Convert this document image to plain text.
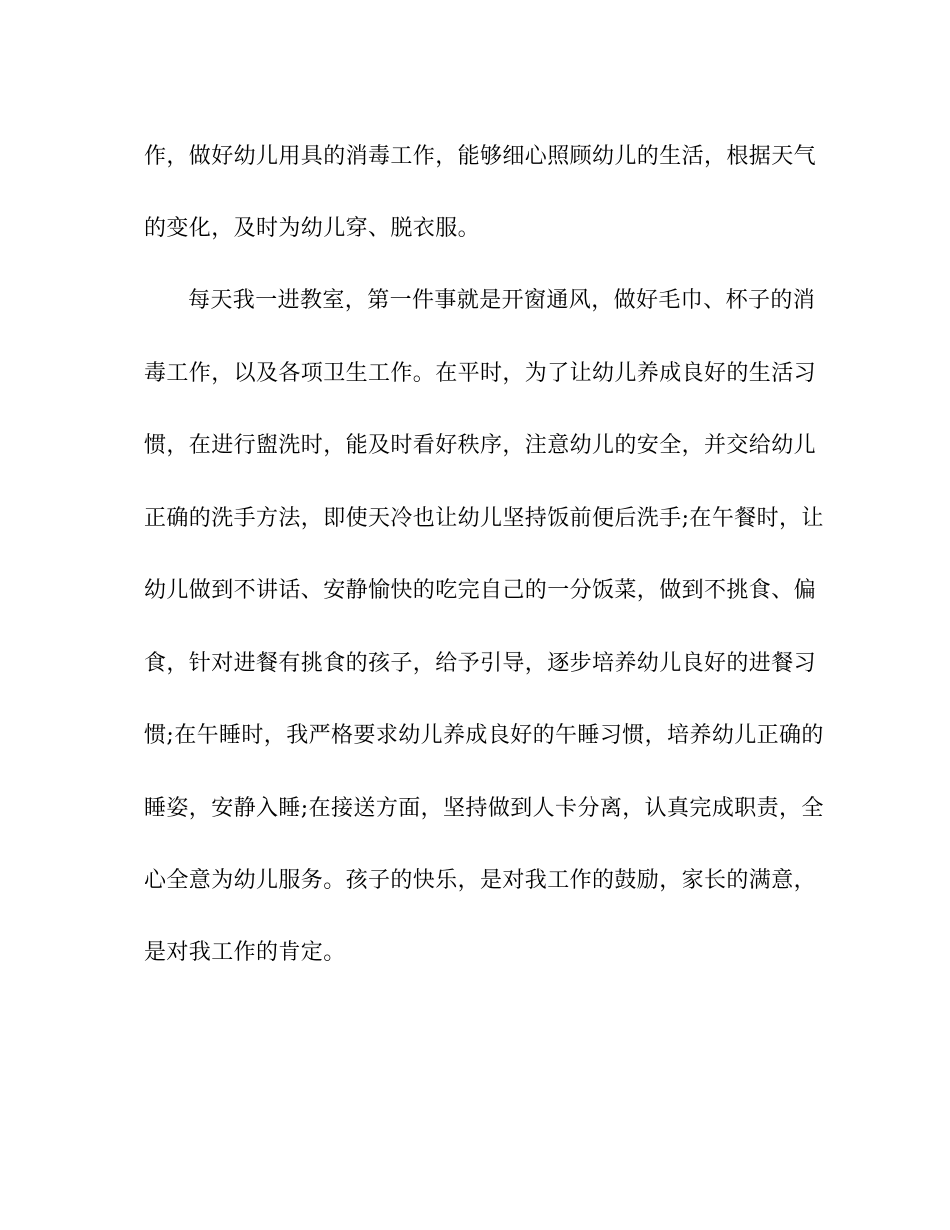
作，做好幼儿用具的消毒工作，能够细心照顾幼儿的生活，根据天气
的变化，及时为幼儿穿、脱衣服。
每天我一进教室，第一件事就是开窗通风，做好毛巾、杯子的消
毒工作，以及各项卫生工作。在平时，为了让幼儿养成良好的生活习
惯，在进行盥洗时，能及时看好秩序，注意幼儿的安全，并交给幼儿
正确的洗手方法，即使天冷也让幼儿坚持饭前便后洗手;在午餐时，让
幼儿做到不讲话、安静愉快的吃完自己的一分饭菜，做到不挑食、偏
食，针对进餐有挑食的孩子，给予引导，逐步培养幼儿良好的进餐习
惯;在午睡时，我严格要求幼儿养成良好的午睡习惯，培养幼儿正确的
睡姿，安静入睡;在接送方面，坚持做到人卡分离，认真完成职责，全
心全意为幼儿服务。孩子的快乐，是对我工作的鼓励，家长的满意，
是对我工作的肯定。
